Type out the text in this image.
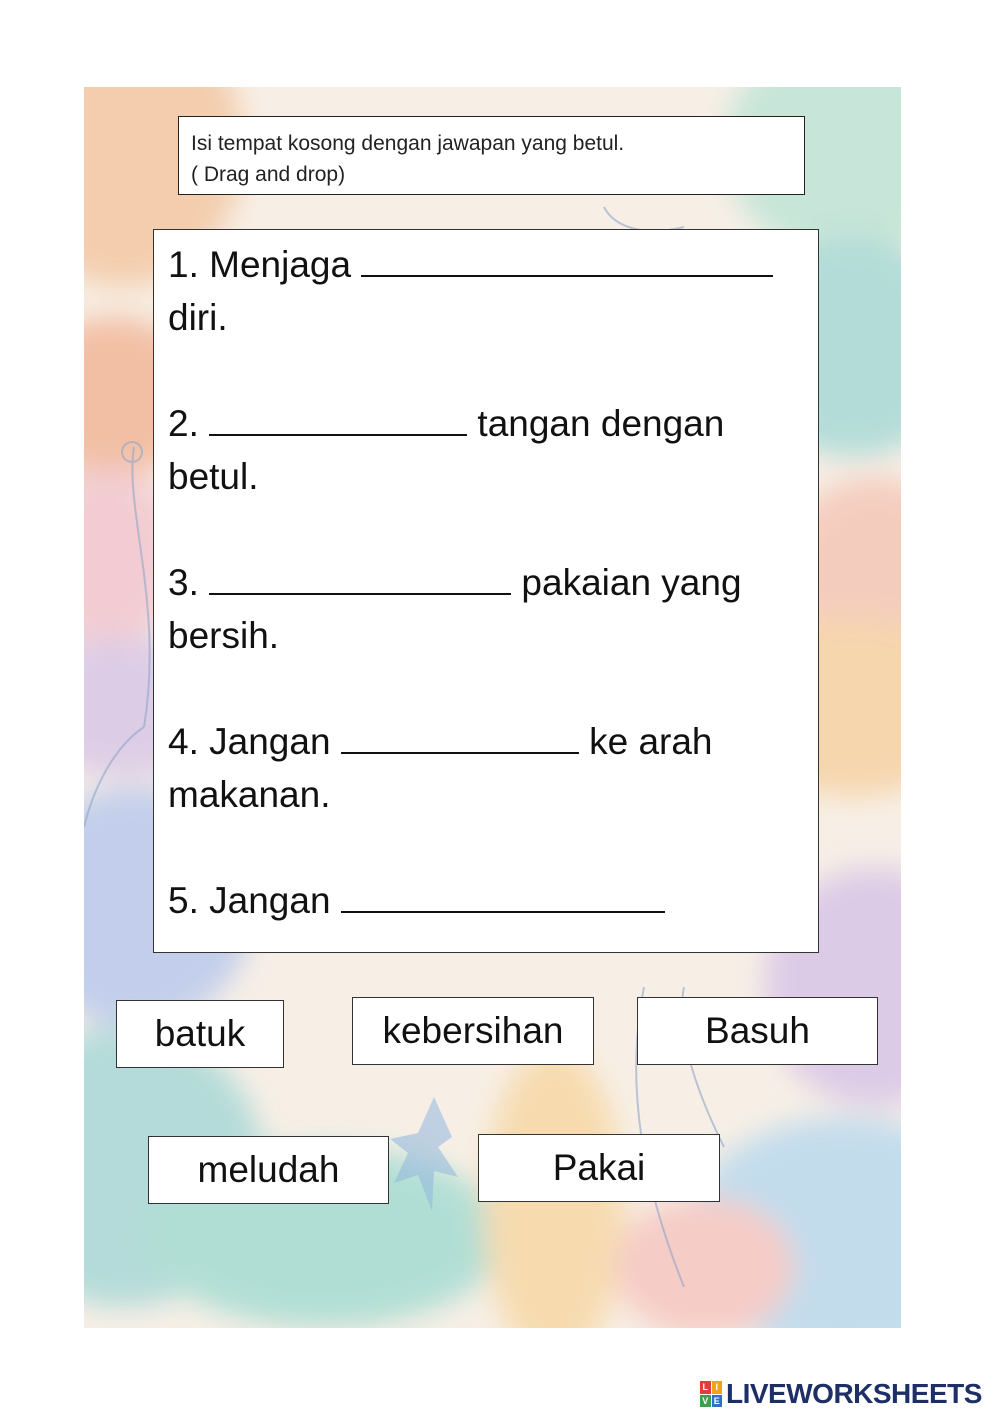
Isi tempat kosong dengan jawapan yang betul.
( Drag and drop)
1. Menjaga
diri.
2.	tangan dengan
betul.
3.	pakaian yang
bersih.
4. Jangan	ke arah
makanan.
5. Jangan
batuk	kebersihan	Basuh
meludah	Pakai
L I
V E LIVEWORKSHEETS
